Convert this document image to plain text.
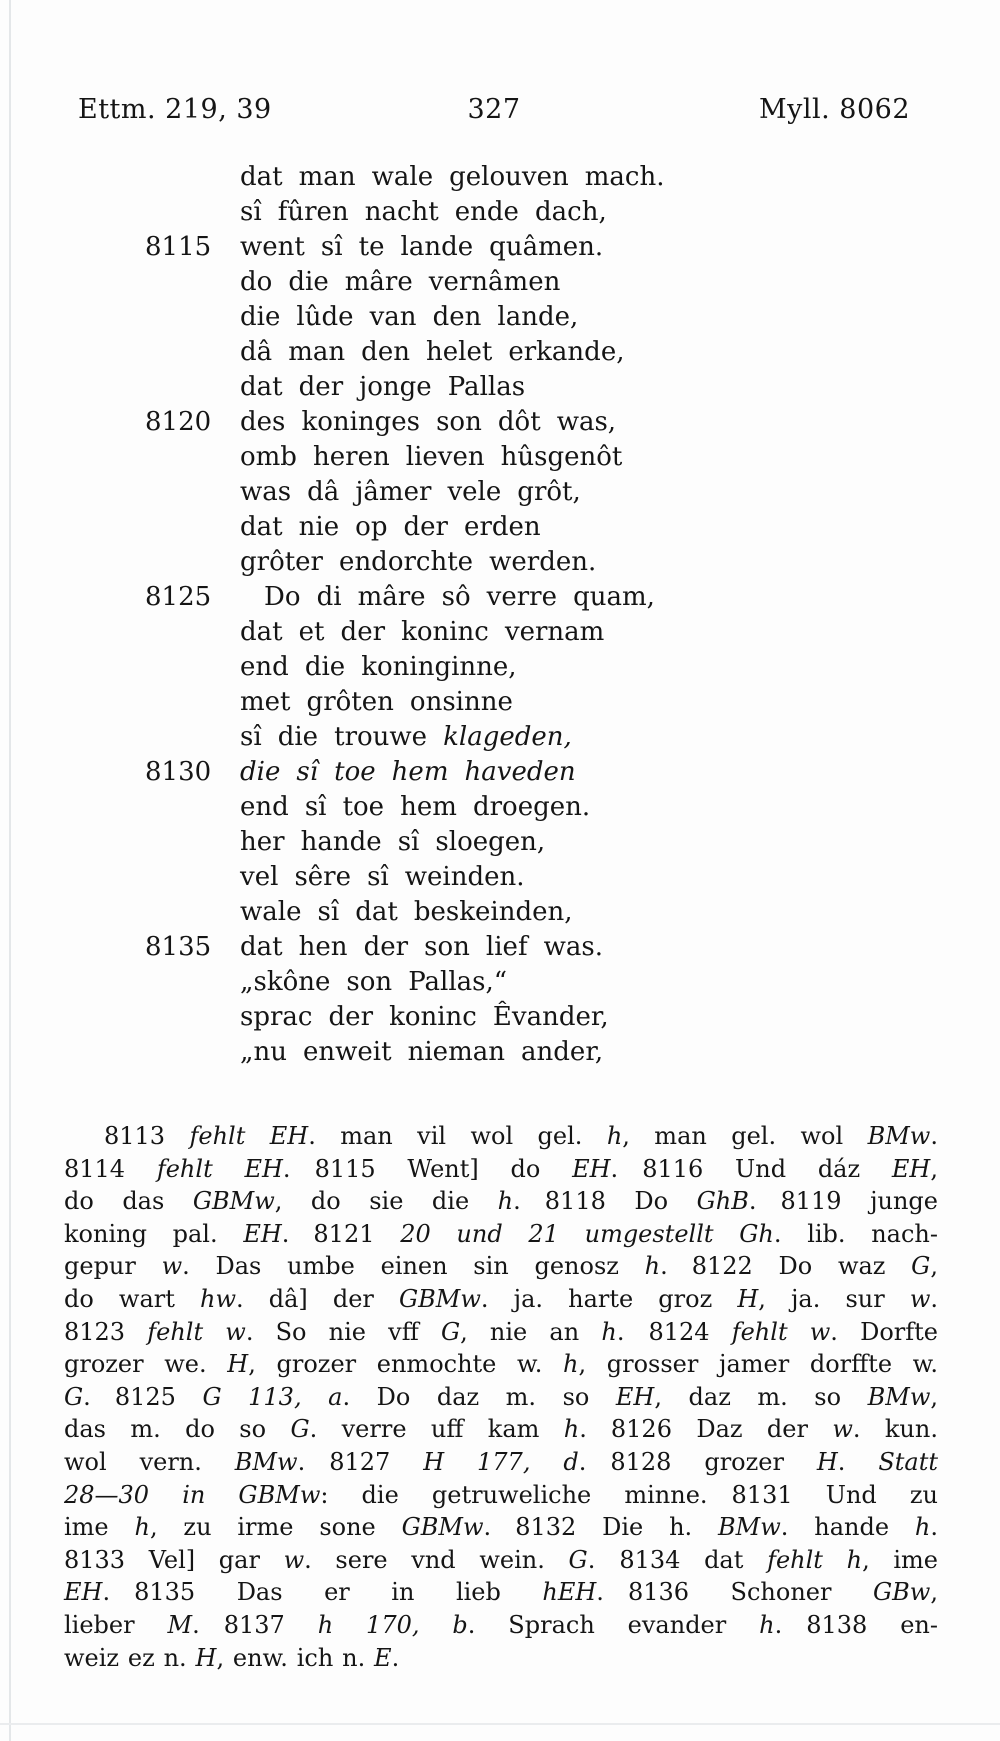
Ettm. 219, 39	327	Myll. 8062
dat man wale gelouven mach.
sî fûren nacht ende dach,
8115 went sî te lande quâmen.
do die mâre vernâmen
die lûde van den lande,
dâ man den helet erkande,
dat der jonge Pallas
8120 des koninges son dôt was,
omb heren lieven hûsgenôt
was dâ jâmer vele grôt,
dat nie op der erden
grôter endorchte werden.
8125 Do di mâre sô verre quam,
dat et der koninc vernam
end die koninginne,
met grôten onsinne
sî die trouwe klageden,
8130 die sî toe hem haveden
end sî toe hem droegen.
her hande sî sloegen,
vel sêre sî weinden.
wale sî dat beskeinden,
8135 dat hen der son lief was.
„skône son Pallas,“
sprac der koninc Êvander,
„nu enweit nieman ander,
8113 fehlt EH. man vil wol gel. h, man gel. wol BMw.
8114 fehlt EH. 8115 Went] do EH. 8116 Und dáz EH,
do das GBMw, do sie die h. 8118 Do GhB. 8119 junge
koning pal. EH. 8121 20 und 21 umgestellt Gh. lib. nach-
gepur w. Das umbe einen sin genosz h. 8122 Do waz G,
do wart hw. dâ] der GBMw. ja. harte groz H, ja. sur w.
8123 fehlt w. So nie vff G, nie an h. 8124 fehlt w. Dorfte
grozer we. H, grozer enmochte w. h, grosser jamer dorffte w.
G. 8125 G 113, a. Do daz m. so EH, daz m. so BMw,
das m. do so G. verre uff kam h. 8126 Daz der w. kun.
wol vern. BMw. 8127 H 177, d. 8128 grozer H. Statt
28—30 in GBMw: die getruweliche minne. 8131 Und zu
ime h, zu irme sone GBMw. 8132 Die h. BMw. hande h.
8133 Vel] gar w. sere vnd wein. G. 8134 dat fehlt h, ime
EH. 8135 Das er in lieb hEH. 8136 Schoner GBw,
lieber M. 8137 h 170, b. Sprach evander h. 8138 en-
weiz ez n. H, enw. ich n. E.
